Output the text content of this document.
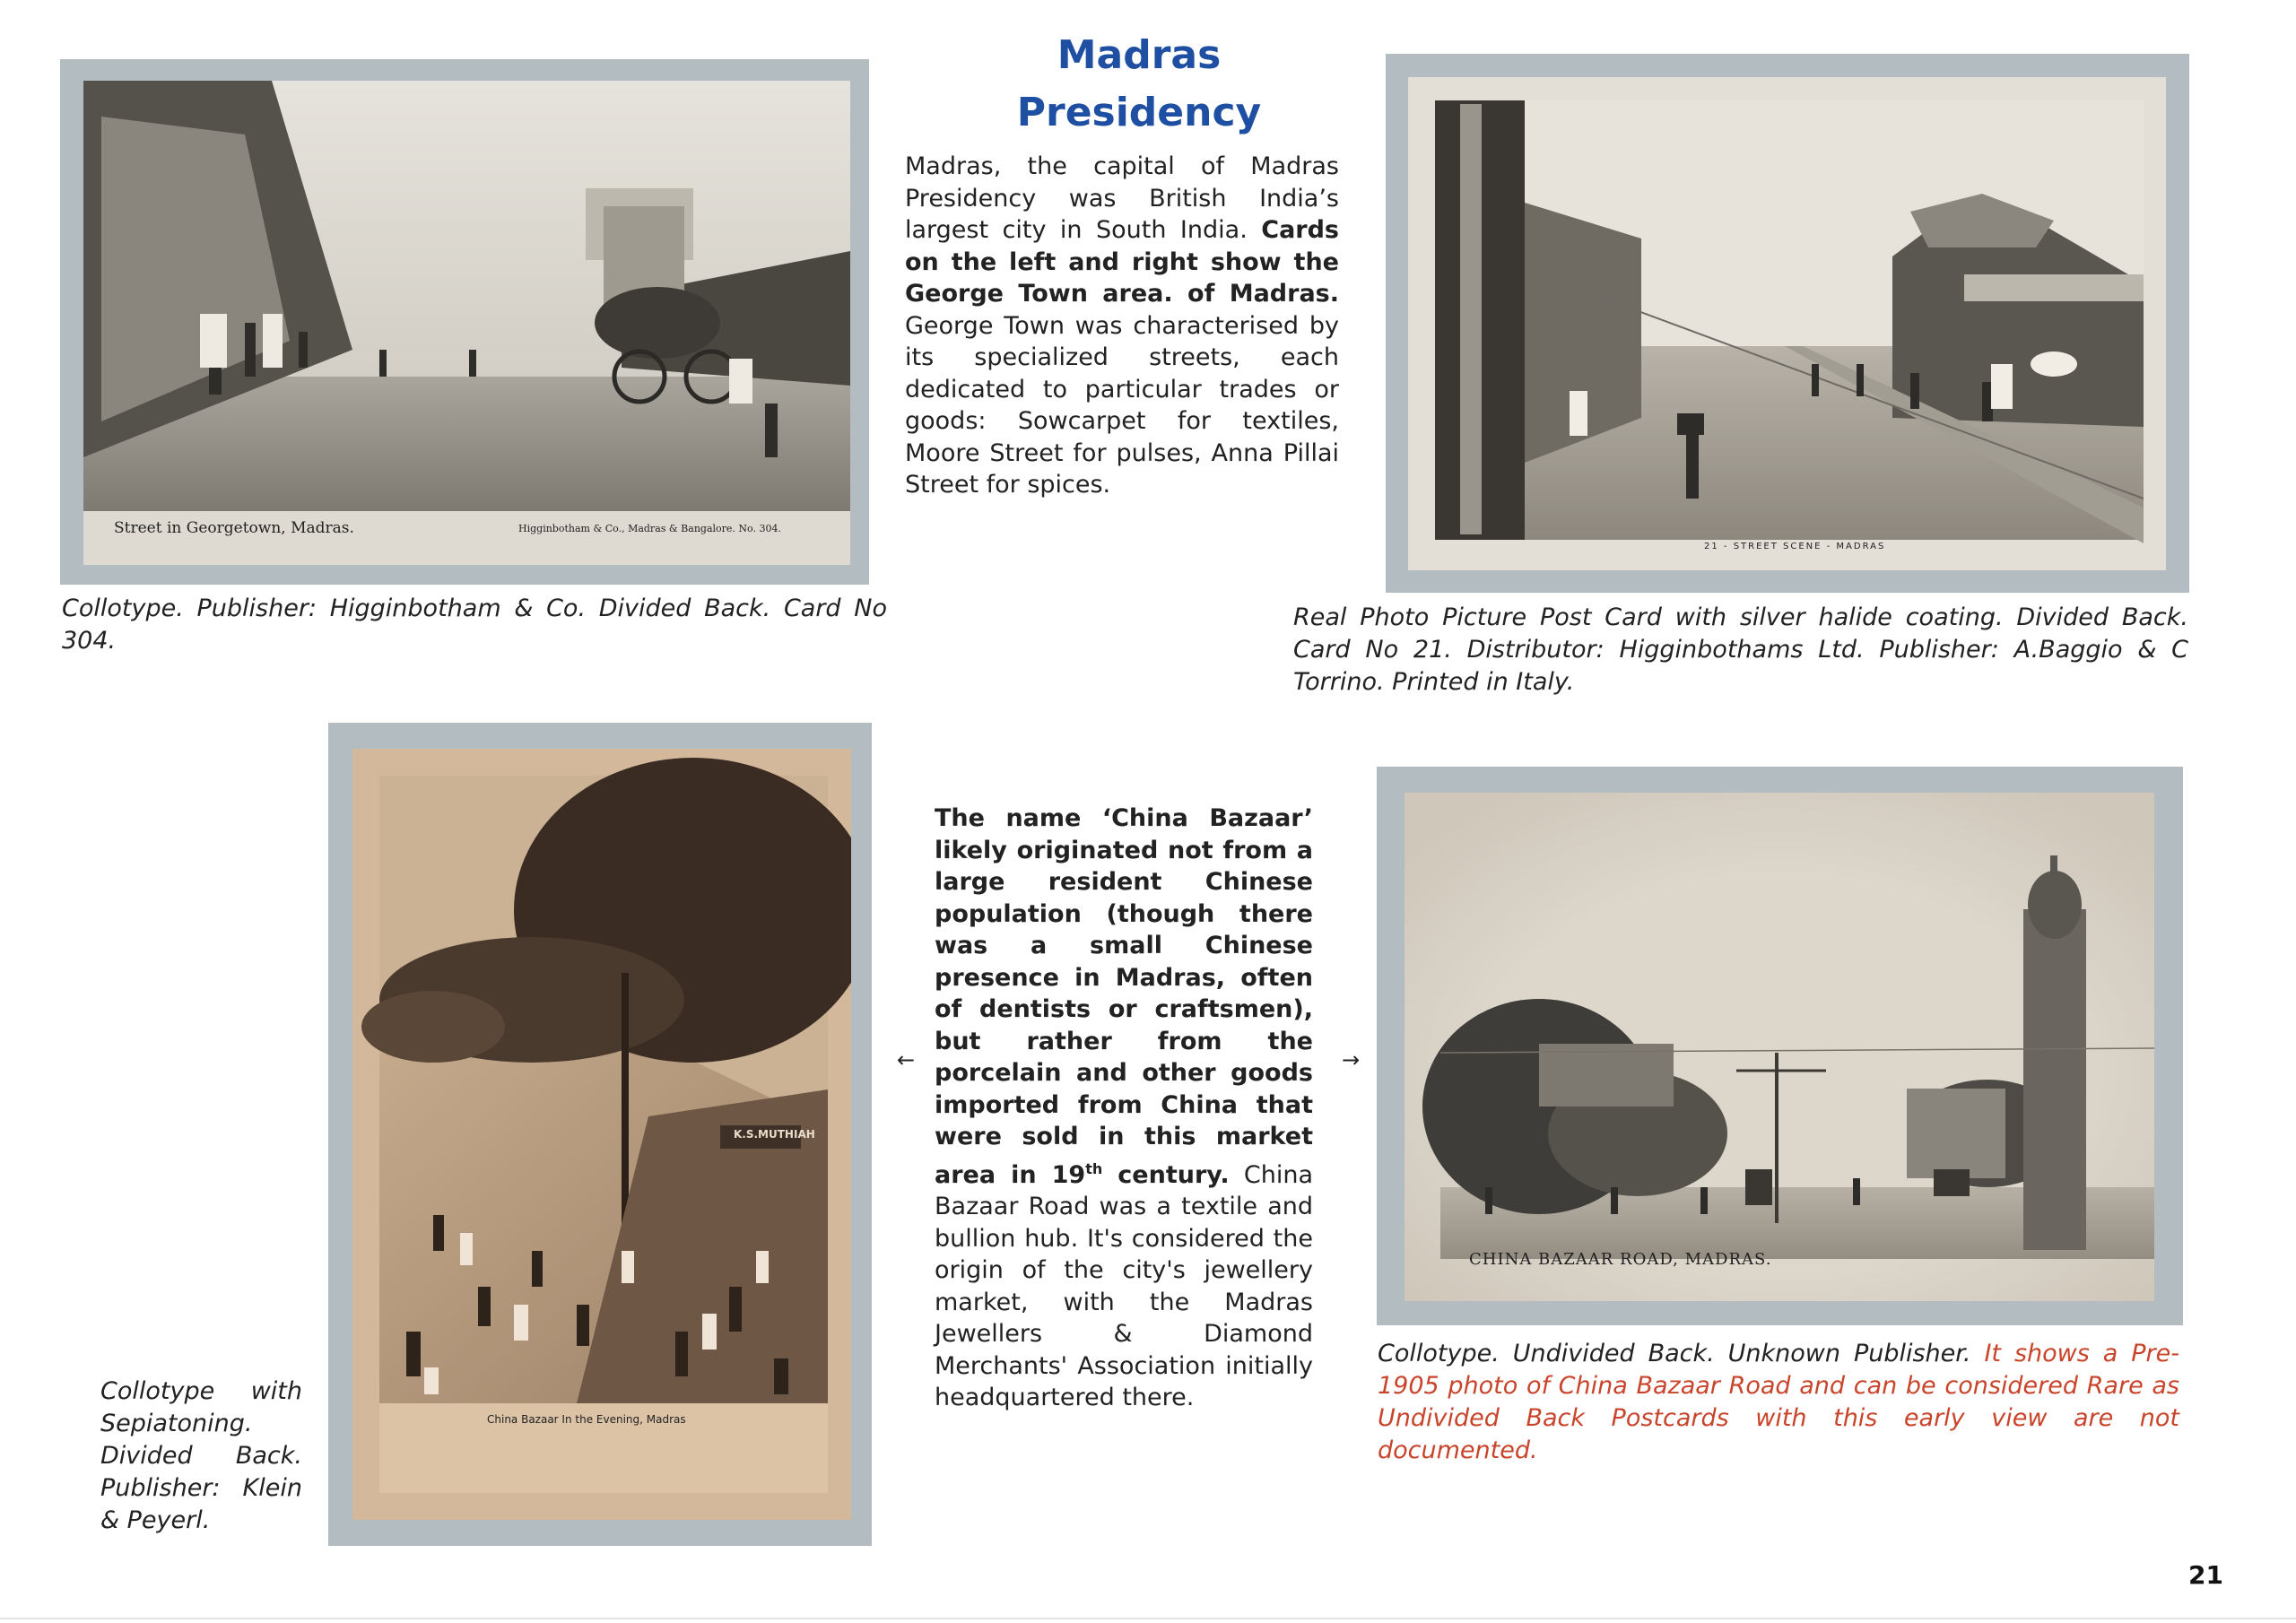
Madras
Presidency
Madras, the capital of Madras Presidency was British India’s largest city in South India. Cards on the left and right show the George Town area. of Madras. George Town was characterised by its specialized streets, each dedicated to particular trades or goods: Sowcarpet for textiles, Moore Street for pulses, Anna Pillai Street for spices.
Street in Georgetown, Madras.	Higginbotham & Co., Madras & Bangalore. No. 304.
Collotype. Publisher: Higginbotham & Co. Divided Back. Card No 304.
21 - STREET SCENE - MADRAS
Real Photo Picture Post Card with silver halide coating. Divided Back. Card No 21. Distributor: Higginbothams Ltd. Publisher: A.Baggio & C Torrino. Printed in Italy.
K.S.MUTHIAH
China Bazaar In the Evening, Madras
Collotype with Sepiatoning. Divided Back. Publisher: Klein & Peyerl.
←
The name ‘China Bazaar’ likely originated not from a large resident Chinese population (though there was a small Chinese presence in Madras, often of dentists or craftsmen), but rather from the porcelain and other goods imported from China that were sold in this market area in 19th century. China Bazaar Road was a textile and bullion hub. It's considered the origin of the city's jewellery market, with the Madras Jewellers & Diamond Merchants' Association initially headquartered there.
→
CHINA BAZAAR ROAD, MADRAS.
Collotype. Undivided Back. Unknown Publisher. It shows a Pre-1905 photo of China Bazaar Road and can be considered Rare as Undivided Back Postcards with this early view are not documented.
21
